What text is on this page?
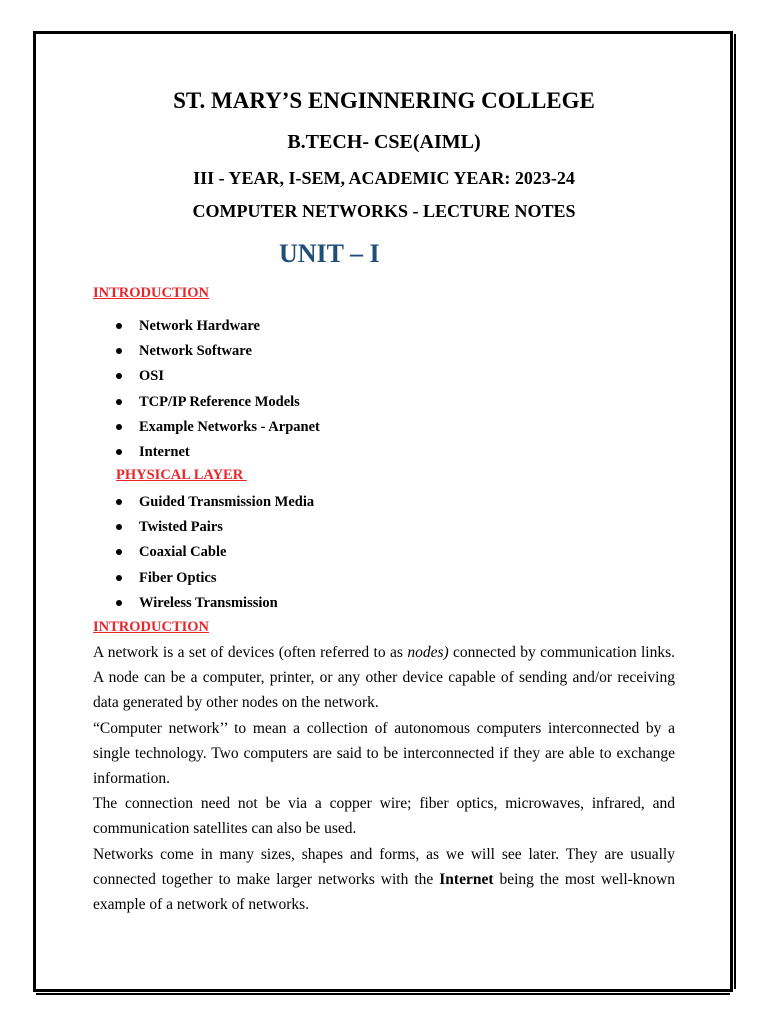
ST. MARY’S ENGINNERING COLLEGE
B.TECH- CSE(AIML)
III - YEAR, I-SEM, ACADEMIC YEAR: 2023-24
COMPUTER NETWORKS - LECTURE NOTES
UNIT – I
INTRODUCTION
Network Hardware
Network Software
OSI
TCP/IP Reference Models
Example Networks - Arpanet
Internet
PHYSICAL LAYER
Guided Transmission Media
Twisted Pairs
Coaxial Cable
Fiber Optics
Wireless Transmission
INTRODUCTION

A network is a set of devices (often referred to as nodes) connected by communication links. A node can be a computer, printer, or any other device capable of sending and/or receiving data generated by other nodes on the network.

“Computer network’’ to mean a collection of autonomous computers interconnected by a single technology. Two computers are said to be interconnected if they are able to exchange information.

The connection need not be via a copper wire; fiber optics, microwaves, infrared, and communication satellites can also be used.

Networks come in many sizes, shapes and forms, as we will see later. They are usually connected together to make larger networks with the Internet being the most well-known example of a network of networks.
